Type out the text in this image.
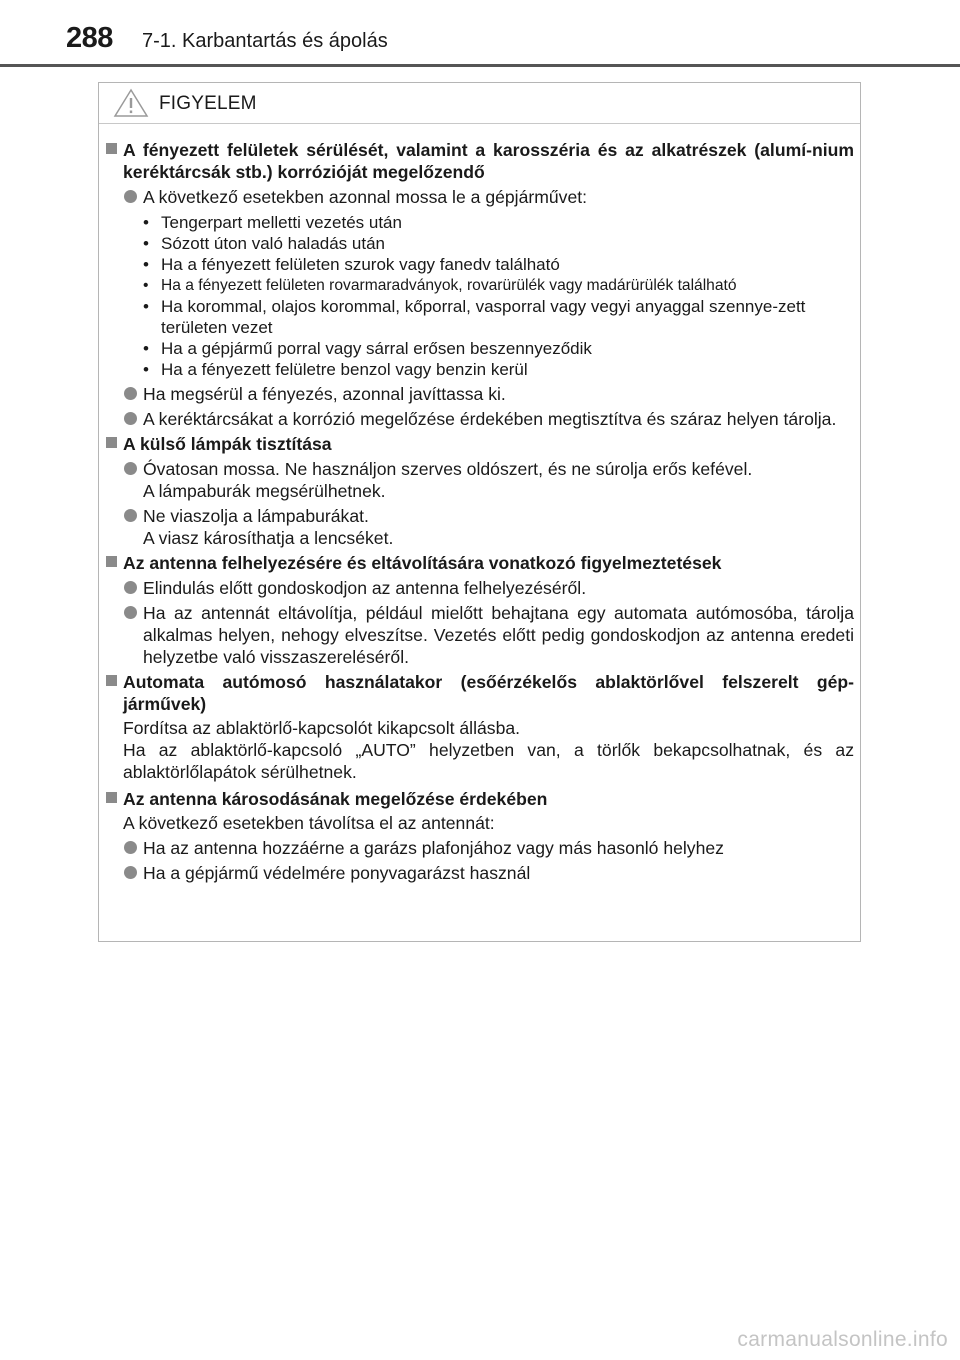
288 7-1. Karbantartás és ápolás
FIGYELEM
A fényezett felületek sérülését, valamint a karosszéria és az alkatrészek (alumí-nium keréktárcsák stb.) korrózióját megelőzendő
A következő esetekben azonnal mossa le a gépjárművet:
• Tengerpart melletti vezetés után
• Sózott úton való haladás után
• Ha a fényezett felületen szurok vagy fanedv található
• Ha a fényezett felületen rovarmaradványok, rovarürülék vagy madárürülék található
• Ha korommal, olajos korommal, kőporral, vasporral vagy vegyi anyaggal szennye-zett területen vezet
• Ha a gépjármű porral vagy sárral erősen beszennyeződik
• Ha a fényezett felületre benzol vagy benzin kerül
Ha megsérül a fényezés, azonnal javíttassa ki.
A keréktárcsákat a korrózió megelőzése érdekében megtisztítva és száraz helyen tárolja.
A külső lámpák tisztítása
Óvatosan mossa. Ne használjon szerves oldószert, és ne súrolja erős kefével.
A lámpaburák megsérülhetnek.
Ne viaszolja a lámpaburákat.
A viasz károsíthatja a lencséket.
Az antenna felhelyezésére és eltávolítására vonatkozó figyelmeztetések
Elindulás előtt gondoskodjon az antenna felhelyezéséről.
Ha az antennát eltávolítja, például mielőtt behajtana egy automata autómosóba, tárolja alkalmas helyen, nehogy elveszítse. Vezetés előtt pedig gondoskodjon az antenna eredeti helyzetbe való visszaszereléséről.
Automata autómosó használatakor (esőérzékelős ablaktörlővel felszerelt gép-járművek)
Fordítsa az ablaktörlő-kapcsolót kikapcsolt állásba.
Ha az ablaktörlő-kapcsoló „AUTO” helyzetben van, a törlők bekapcsolhatnak, és az ablaktörlőlapátok sérülhetnek.
Az antenna károsodásának megelőzése érdekében
A következő esetekben távolítsa el az antennát:
Ha az antenna hozzáérne a garázs plafonjához vagy más hasonló helyhez
Ha a gépjármű védelmére ponyvagarázst használ
carmanualsonline.info
